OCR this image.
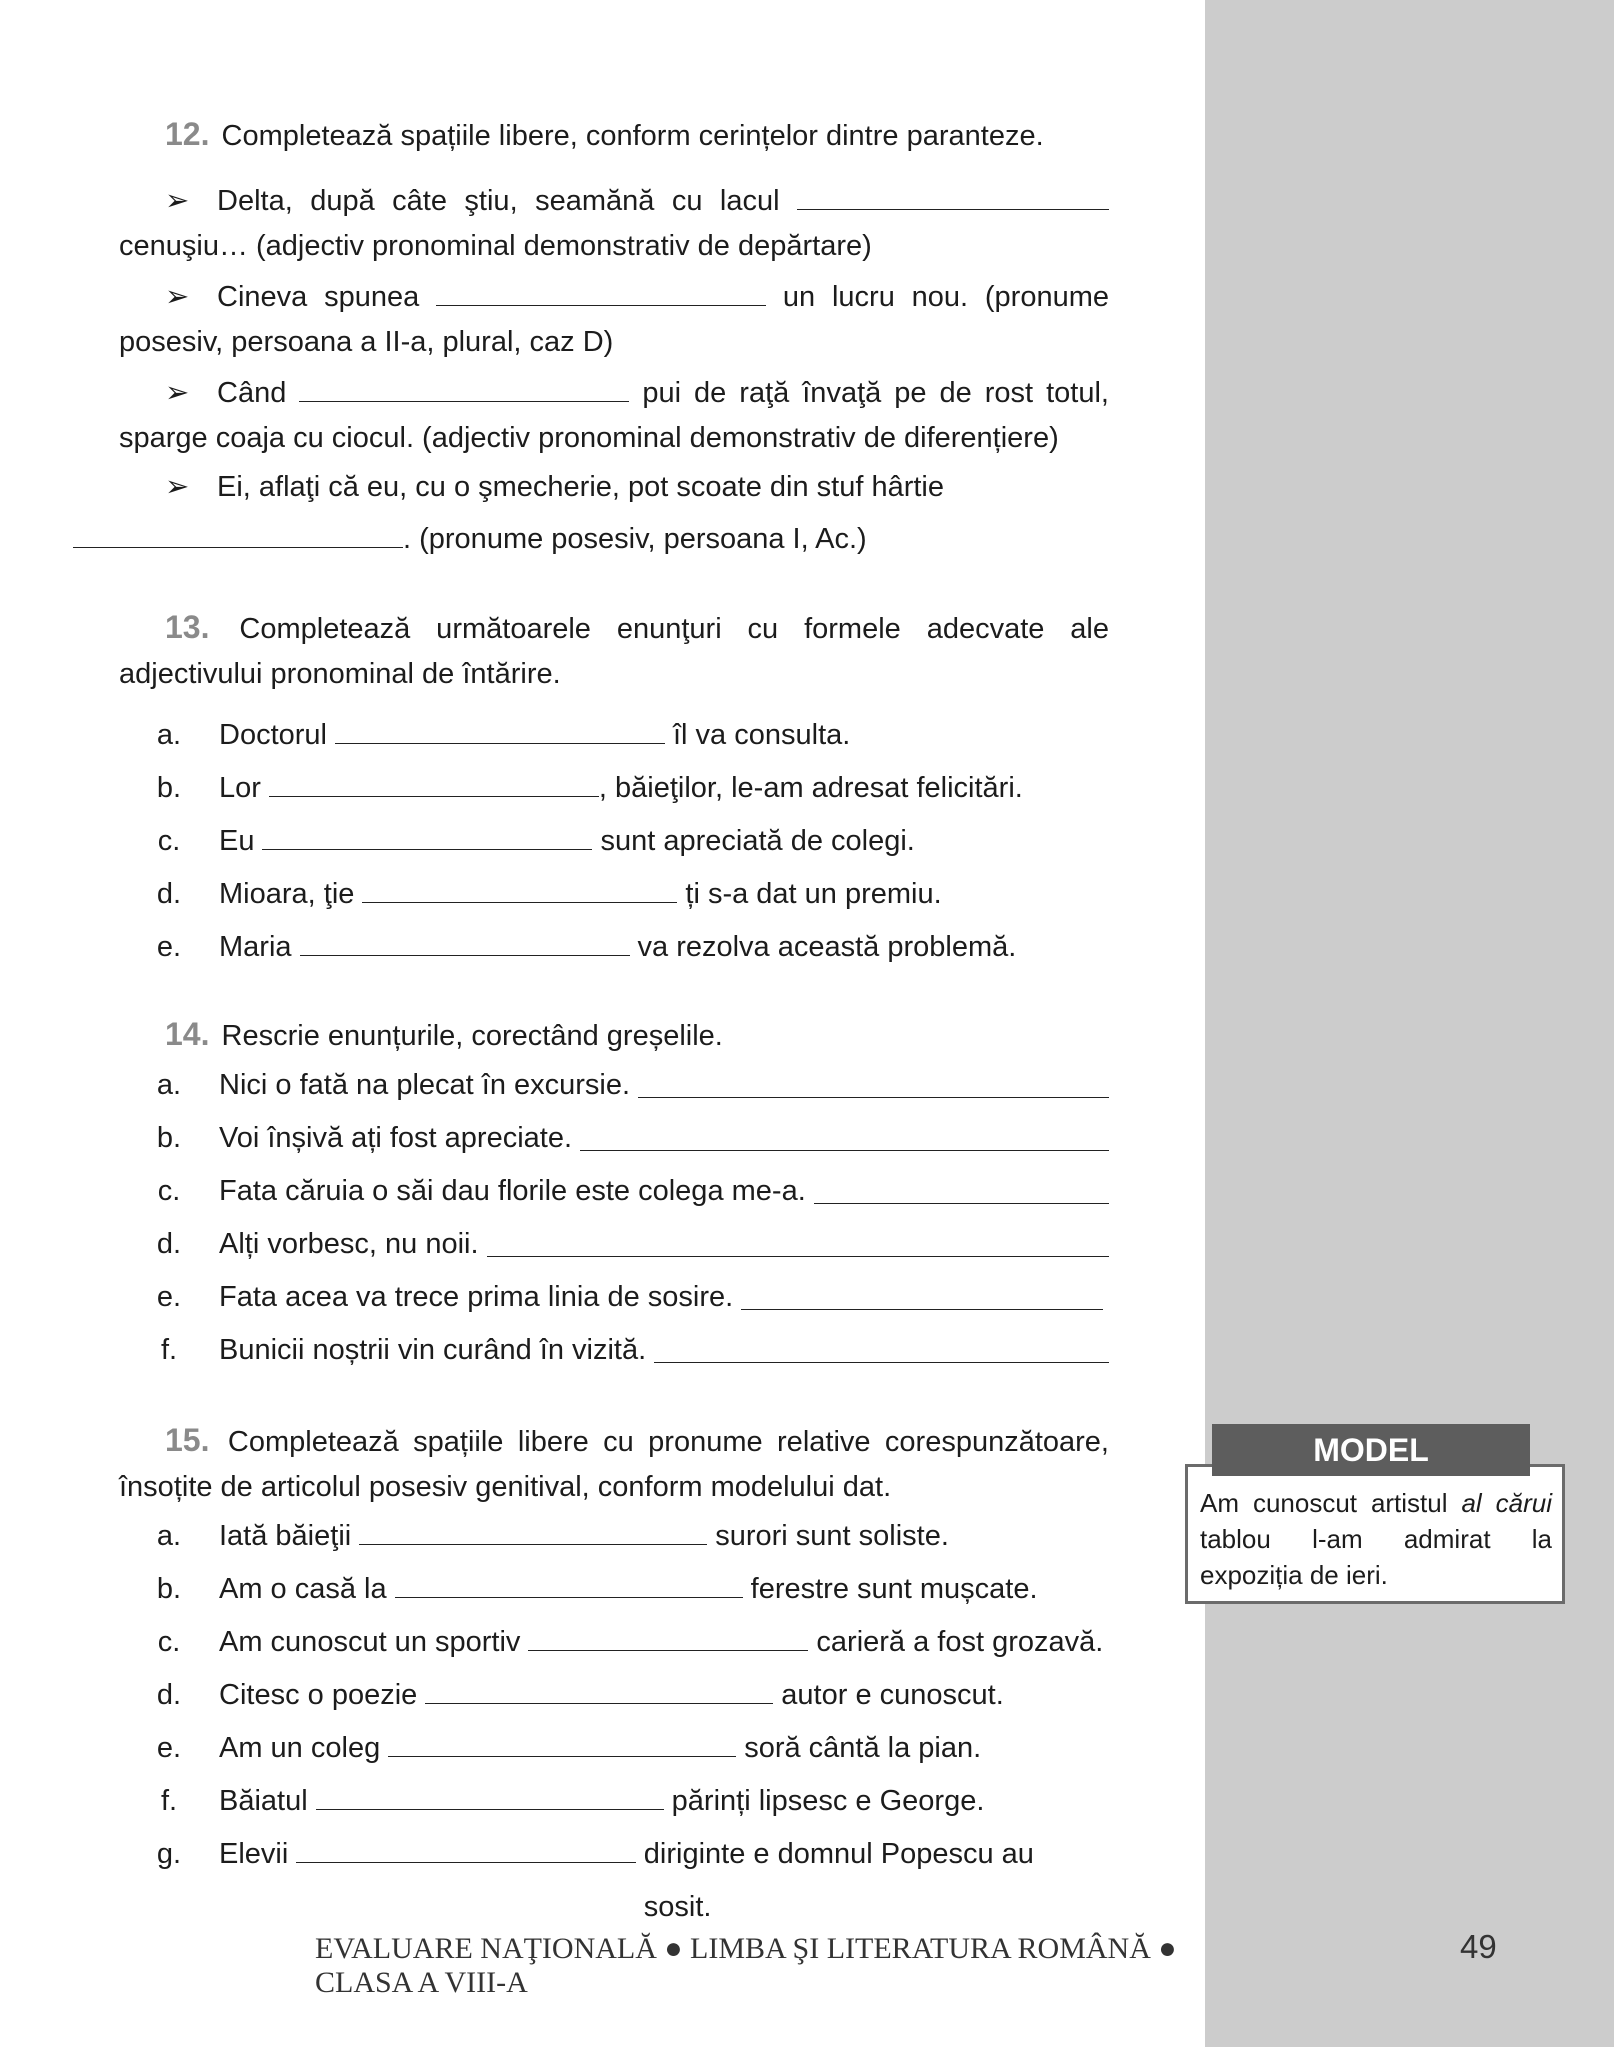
12. Completează spațiile libere, conform cerințelor dintre paranteze.

➢ Delta, după câte ştiu, seamănă cu lacul  cenuşiu… (adjectiv pronominal demonstrativ de depărtare)

➢ Cineva spunea	un lucru nou. (pronume posesiv, persoana a II-a, plural, caz D)

➢ Când	pui de raţă învaţă pe de rost totul, sparge coaja cu ciocul. (adjectiv pronominal demonstrativ de diferențiere)

➢ Ei, aflaţi că eu, cu o şmecherie, pot scoate din stuf hârtie
. (pronume posesiv, persoana I, Ac.)

13. Completează următoarele enunţuri cu formele adecvate ale adjectivului pronominal de întărire.

a.	Doctorul	îl va consulta.
b.	Lor	, băieţilor, le-am adresat felicitări.
c.	Eu	sunt apreciată de colegi.
d.	Mioara, ţie	ți s-a dat un premiu.
e.	Maria	va rezolva această problemă.

14. Rescrie enunțurile, corectând greșelile.

a.	Nici o fată na plecat în excursie.
b.	Voi înșivă ați fost apreciate.
c.	Fata căruia o săi dau florile este colega me-a.
d.	Alți vorbesc, nu noii.
e.	Fata acea va trece prima linia de sosire.
f.	Bunicii noștrii vin curând în vizită.

15. Completează spațiile libere cu pronume relative corespunzătoare, însoțite de articolul posesiv genitival, conform modelului dat.

a.	Iată băieţii	surori sunt soliste.
b.	Am o casă la	ferestre sunt mușcate.
c.	Am cunoscut un sportiv	carieră a fost grozavă.
d.	Citesc o poezie	autor e cunoscut.
e.	Am un coleg	soră cântă la pian.
f.	Băiatul	părinți lipsesc e George.
g.	Elevii	diriginte e domnul Popescu au sosit.
MODEL
Am cunoscut artistul al cărui tablou l-am admirat la expoziția de ieri.
EVALUARE NAŢIONALĂ ● LIMBA ŞI LITERATURA ROMÂNĂ ● CLASA A VIII-A
49
